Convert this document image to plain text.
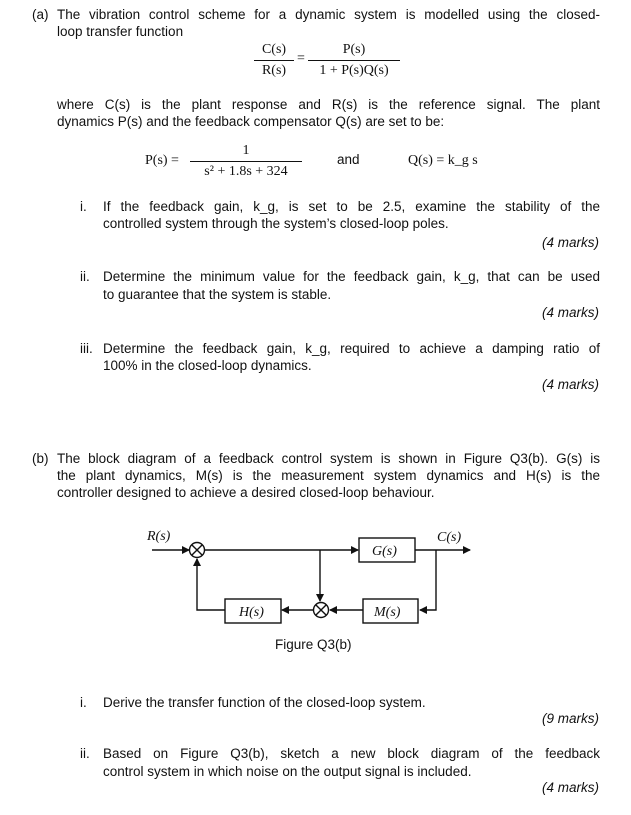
(a) The vibration control scheme for a dynamic system is modelled using the closed-
loop transfer function
C(s)
R(s)
=
P(s)
1 + P(s)Q(s)
where C(s) is the plant response and R(s) is the reference signal. The plant
dynamics P(s) and the feedback compensator Q(s) are set to be:
P(s) =
1
s² + 1.8s + 324
and	Q(s) = k_g s
i. If the feedback gain, k_g, is set to be 2.5, examine the stability of the
controlled system through the system’s closed-loop poles.
(4 marks)
ii. Determine the minimum value for the feedback gain, k_g, that can be used
to guarantee that the system is stable.
(4 marks)
iii. Determine the feedback gain, k_g, required to achieve a damping ratio of
100% in the closed-loop dynamics.
(4 marks)
(b) The block diagram of a feedback control system is shown in Figure Q3(b). G(s) is
the plant dynamics, M(s) is the measurement system dynamics and H(s) is the
controller designed to achieve a desired closed-loop behaviour.
R(s)	C(s)
G(s)
M(s)
H(s)
Figure Q3(b)
i. Derive the transfer function of the closed-loop system.
(9 marks)
ii. Based on Figure Q3(b), sketch a new block diagram of the feedback
control system in which noise on the output signal is included.
(4 marks)
